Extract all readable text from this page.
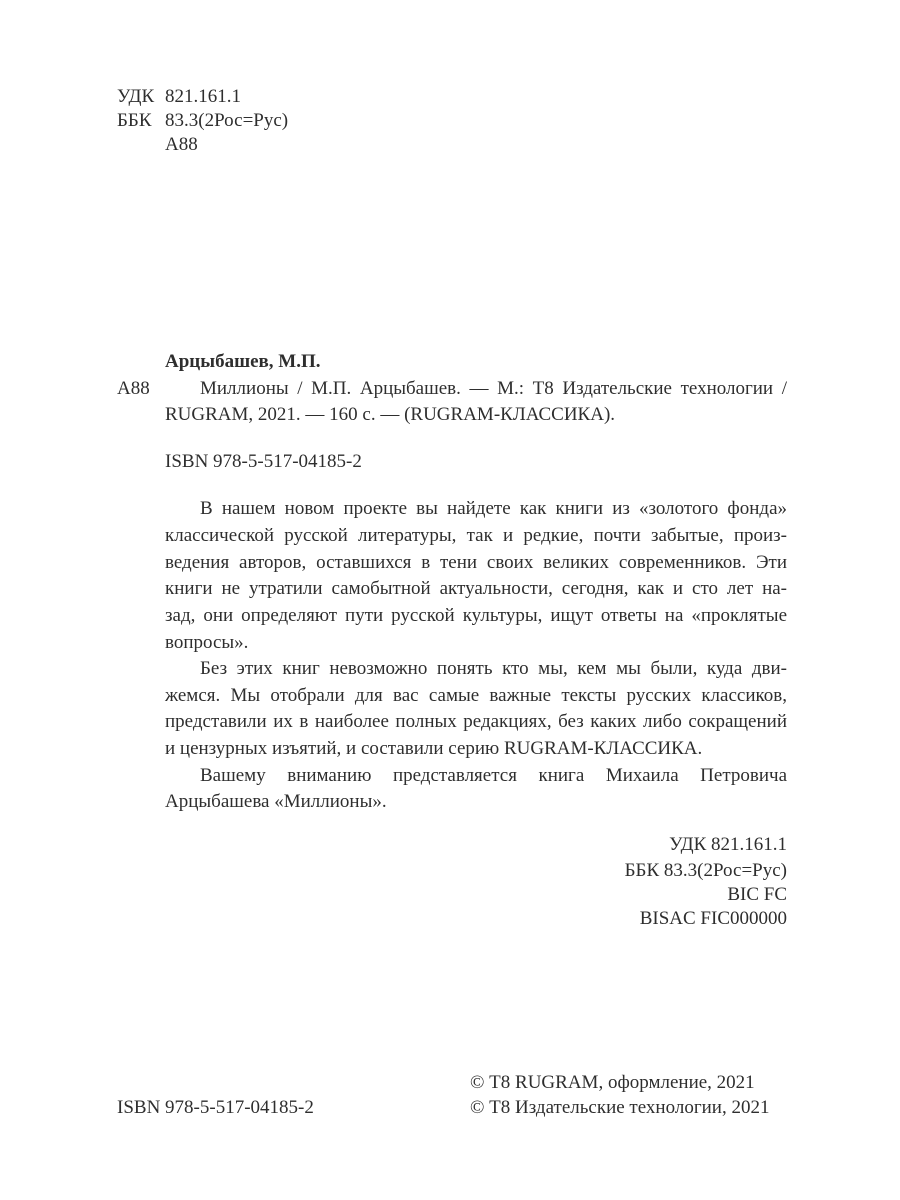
УДК 821.161.1
ББК 83.3(2Рос=Рус)
А88
Арцыбашев, М.П.
А88	Миллионы / М.П. Арцыбашев. — М.: Т8 Издательские технологии /
RUGRAM, 2021. — 160 с. — (RUGRAM-КЛАССИКА).
ISBN 978-5-517-04185-2
В нашем новом проекте вы найдете как книги из «золотого фонда»
классической русской литературы, так и редкие, почти забытые, произ-
ведения авторов, оставшихся в тени своих великих современников. Эти
книги не утратили самобытной актуальности, сегодня, как и сто лет на-
зад, они определяют пути русской культуры, ищут ответы на «проклятые
вопросы».
Без этих книг невозможно понять кто мы, кем мы были, куда дви-
жемся. Мы отобрали для вас самые важные тексты русских классиков,
представили их в наиболее полных редакциях, без каких либо сокращений
и цензурных изъятий, и составили серию RUGRAM-КЛАССИКА.
Вашему вниманию представляется книга Михаила Петровича
Арцыбашева «Миллионы».
УДК 821.161.1
ББК 83.3(2Рос=Рус)
BIC FC
BISAC FIC000000
© Т8 RUGRAM, оформление, 2021
ISBN 978-5-517-04185-2	© Т8 Издательские технологии, 2021
